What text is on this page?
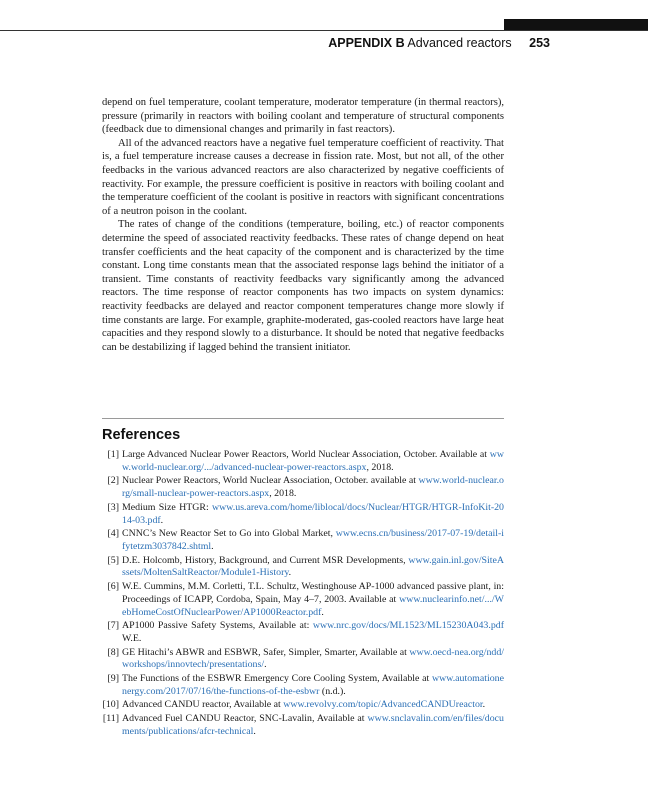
APPENDIX B Advanced reactors 253

depend on fuel temperature, coolant temperature, moderator temperature (in thermal reactors), pressure (primarily in reactors with boiling coolant and temperature of structural components (feedback due to dimensional changes and primarily in fast reactors).

All of the advanced reactors have a negative fuel temperature coefficient of reactivity. That is, a fuel temperature increase causes a decrease in fission rate. Most, but not all, of the other feedbacks in the various advanced reactors are also characterized by negative coefficients of reactivity. For example, the pressure coefficient is positive in reactors with boiling coolant and the temperature coefficient of the coolant is positive in reactors with significant concentrations of a neutron poison in the coolant.

The rates of change of the conditions (temperature, boiling, etc.) of reactor components determine the speed of associated reactivity feedbacks. These rates of change depend on heat transfer coefficients and the heat capacity of the component and is characterized by the time constant. Long time constants mean that the associated response lags behind the initiator of a transient. Time constants of reactivity feedbacks vary significantly among the advanced reactors. The time response of reactor components has two impacts on system dynamics: reactivity feedbacks are delayed and reactor component temperatures change more slowly if time constants are large. For example, graphite-moderated, gas-cooled reactors have large heat capacities and they respond slowly to a disturbance. It should be noted that negative feedbacks can be destabilizing if lagged behind the transient initiator.

References
[1] Large Advanced Nuclear Power Reactors, World Nuclear Association, October. Available at www.world-nuclear.org/.../advanced-nuclear-power-reactors.aspx, 2018.
[2] Nuclear Power Reactors, World Nuclear Association, October. available at www.world-nuclear.org/small-nuclear-power-reactors.aspx, 2018.
[3] Medium Size HTGR: www.us.areva.com/home/liblocal/docs/Nuclear/HTGR/HTGR-InfoKit-2014-03.pdf.
[4] CNNC’s New Reactor Set to Go into Global Market, www.ecns.cn/business/2017-07-19/detail-ifytetzm3037842.shtml.
[5] D.E. Holcomb, History, Background, and Current MSR Developments, www.gain.inl.gov/SiteAssets/MoltenSaltReactor/Module1-History.
[6] W.E. Cummins, M.M. Corletti, T.L. Schultz, Westinghouse AP-1000 advanced passive plant, in: Proceedings of ICAPP, Cordoba, Spain, May 4–7, 2003. Available at www.nuclearinfo.net/.../WebHomeCostOfNuclearPower/AP1000Reactor.pdf.
[7] AP1000 Passive Safety Systems, Available at: www.nrc.gov/docs/ML1523/ML15230A043.pdf W.E.
[8] GE Hitachi’s ABWR and ESBWR, Safer, Simpler, Smarter, Available at www.oecd-nea.org/ndd/workshops/innovtech/presentations/.
[9] The Functions of the ESBWR Emergency Core Cooling System, Available at www.automationenergy.com/2017/07/16/the-functions-of-the-esbwr (n.d.).
[10] Advanced CANDU reactor, Available at www.revolvy.com/topic/AdvancedCANDUreactor.
[11] Advanced Fuel CANDU Reactor, SNC-Lavalin, Available at www.snclavalin.com/en/files/documents/publications/afcr-technical.
